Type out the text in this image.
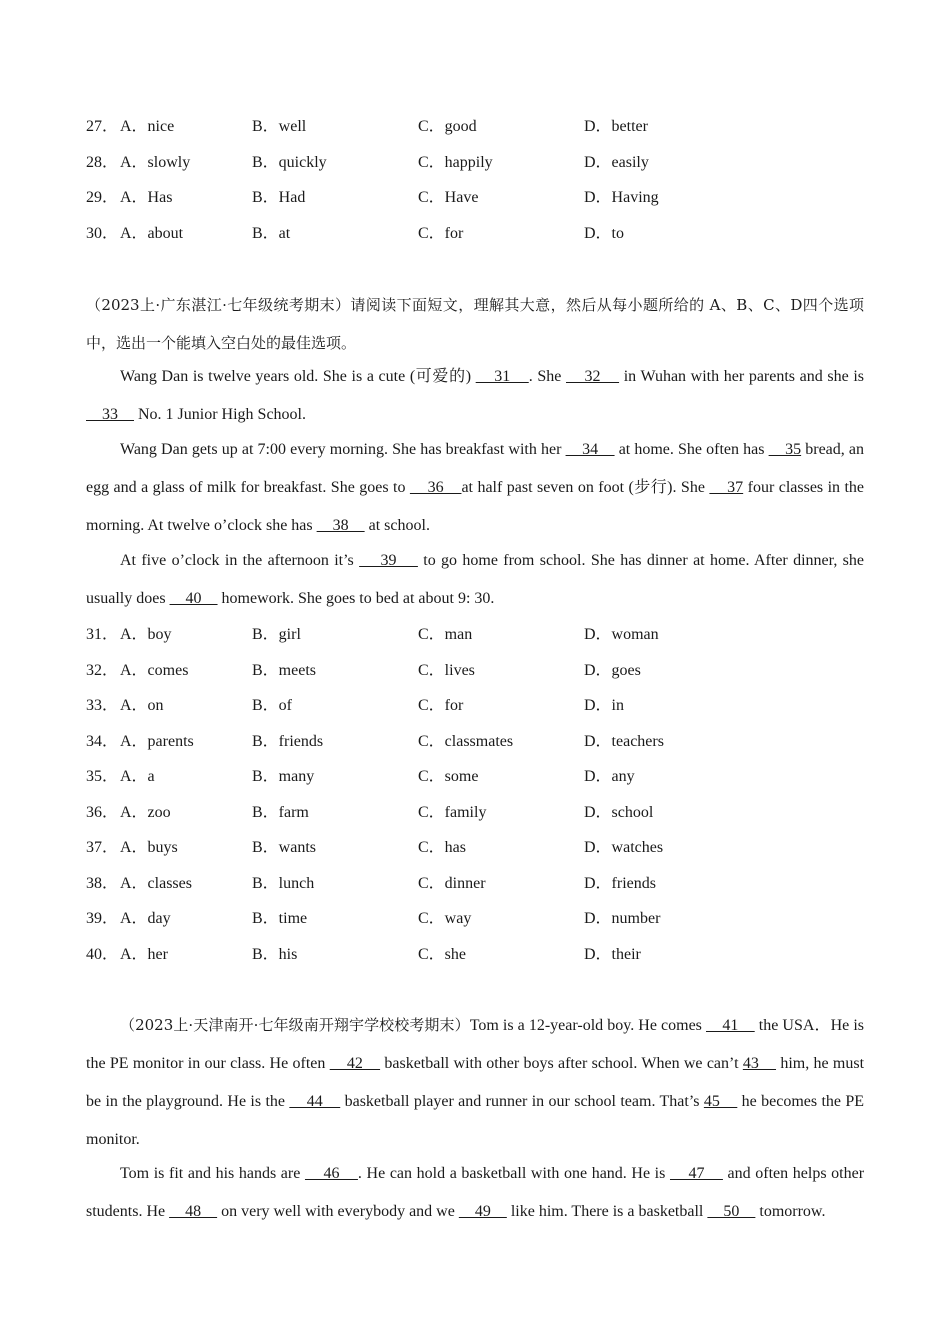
27． A．nice	B．well	C．good	D．better
28． A．slowly	B．quickly	C．happily	D．easily
29． A．Has	B．Had	C．Have	D．Having
30． A．about	B．at	C．for	D．to
（2023上·广东湛江·七年级统考期末）请阅读下面短文，理解其大意，然后从每小题所给的 A、B、C、D四个选项中，选出一个能填入空白处的最佳选项。
Wang Dan is twelve years old. She is a cute (可爱的)     31    . She     32     in Wuhan with her parents and she is     33     No. 1 Junior High School.
Wang Dan gets up at 7:00 every morning. She has breakfast with her     34     at home. She often has     35 bread, an egg and a glass of milk for breakfast. She goes to     36    at half past seven on foot (步行). She     37 four classes in the morning. At twelve o’clock she has     38     at school.
At five o’clock in the afternoon it’s     39     to go home from school. She has dinner at home. After dinner, she usually does     40     homework. She goes to bed at about 9: 30.
31． A．boy	B．girl	C．man	D．woman
32． A．comes	B．meets	C．lives	D．goes
33． A．on	B．of	C．for	D．in
34． A．parents	B．friends	C．classmates	D．teachers
35． A．a	B．many	C．some	D．any
36． A．zoo	B．farm	C．family	D．school
37． A．buys	B．wants	C．has	D．watches
38． A．classes	B．lunch	C．dinner	D．friends
39． A．day	B．time	C．way	D．number
40． A．her	B．his	C．she	D．their
（2023上·天津南开·七年级南开翔宇学校校考期末）Tom is a 12-year-old boy. He comes     41     the USA．He is the PE monitor in our class. He often     42     basketball with other boys after school. When we can’t 43     him, he must be in the playground. He is the     44     basketball player and runner in our school team. That’s 45     he becomes the PE monitor.
Tom is fit and his hands are     46    . He can hold a basketball with one hand. He is     47     and often helps other students. He     48     on very well with everybody and we     49     like him. There is a basketball     50     tomorrow.
